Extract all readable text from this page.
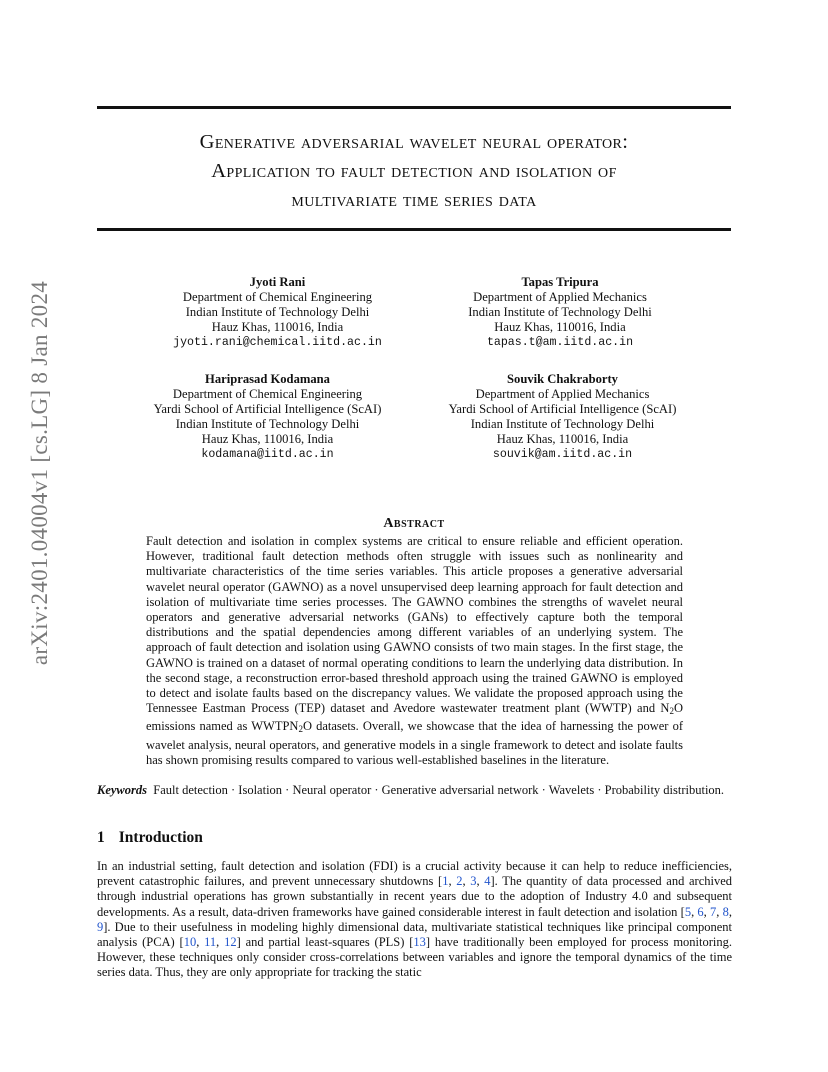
arXiv:2401.04004v1 [cs.LG] 8 Jan 2024
Generative adversarial wavelet neural operator:
Application to fault detection and isolation of
multivariate time series data
Jyoti Rani
Department of Chemical Engineering
Indian Institute of Technology Delhi
Hauz Khas, 110016, India
jyoti.rani@chemical.iitd.ac.in
Tapas Tripura
Department of Applied Mechanics
Indian Institute of Technology Delhi
Hauz Khas, 110016, India
tapas.t@am.iitd.ac.in
Hariprasad Kodamana
Department of Chemical Engineering
Yardi School of Artificial Intelligence (ScAI)
Indian Institute of Technology Delhi
Hauz Khas, 110016, India
kodamana@iitd.ac.in
Souvik Chakraborty
Department of Applied Mechanics
Yardi School of Artificial Intelligence (ScAI)
Indian Institute of Technology Delhi
Hauz Khas, 110016, India
souvik@am.iitd.ac.in
Abstract
Fault detection and isolation in complex systems are critical to ensure reliable and efficient operation. However, traditional fault detection methods often struggle with issues such as nonlinearity and multivariate characteristics of the time series variables. This article proposes a generative adversarial wavelet neural operator (GAWNO) as a novel unsupervised deep learning approach for fault detection and isolation of multivariate time series processes. The GAWNO combines the strengths of wavelet neural operators and generative adversarial networks (GANs) to effectively capture both the temporal distributions and the spatial dependencies among different variables of an underlying system. The approach of fault detection and isolation using GAWNO consists of two main stages. In the first stage, the GAWNO is trained on a dataset of normal operating conditions to learn the underlying data distribution. In the second stage, a reconstruction error-based threshold approach using the trained GAWNO is employed to detect and isolate faults based on the discrepancy values. We validate the proposed approach using the Tennessee Eastman Process (TEP) dataset and Avedore wastewater treatment plant (WWTP) and $N_2O$ emissions named as $WWTPN_2O$ datasets. Overall, we showcase that the idea of harnessing the power of wavelet analysis, neural operators, and generative models in a single framework to detect and isolate faults has shown promising results compared to various well-established baselines in the literature.
Keywords Fault detection · Isolation · Neural operator · Generative adversarial network · Wavelets · Probability distribution.
1 Introduction
In an industrial setting, fault detection and isolation (FDI) is a crucial activity because it can help to reduce inefficiencies, prevent catastrophic failures, and prevent unnecessary shutdowns [1, 2, 3, 4]. The quantity of data processed and archived through industrial operations has grown substantially in recent years due to the adoption of Industry 4.0 and subsequent developments. As a result, data-driven frameworks have gained considerable interest in fault detection and isolation [5, 6, 7, 8, 9]. Due to their usefulness in modeling highly dimensional data, multivariate statistical techniques like principal component analysis (PCA) [10, 11, 12] and partial least-squares (PLS) [13] have traditionally been employed for process monitoring. However, these techniques only consider cross-correlations between variables and ignore the temporal dynamics of the time series data. Thus, they are only appropriate for tracking the static
